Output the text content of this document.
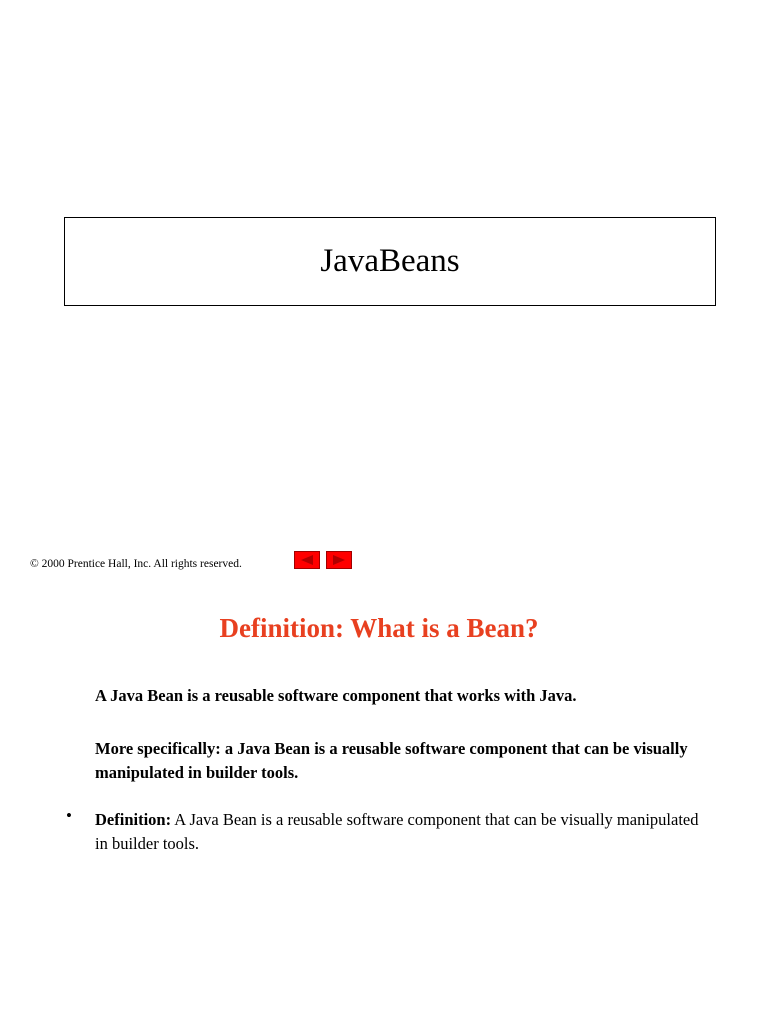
JavaBeans
© 2000 Prentice Hall, Inc. All rights reserved.
Definition: What is a Bean?
A Java Bean is a reusable software component that works with Java.
More specifically: a Java Bean is a reusable software component that can be visually manipulated in builder tools.
• Definition: A Java Bean is a reusable software component that can be visually manipulated in builder tools.
